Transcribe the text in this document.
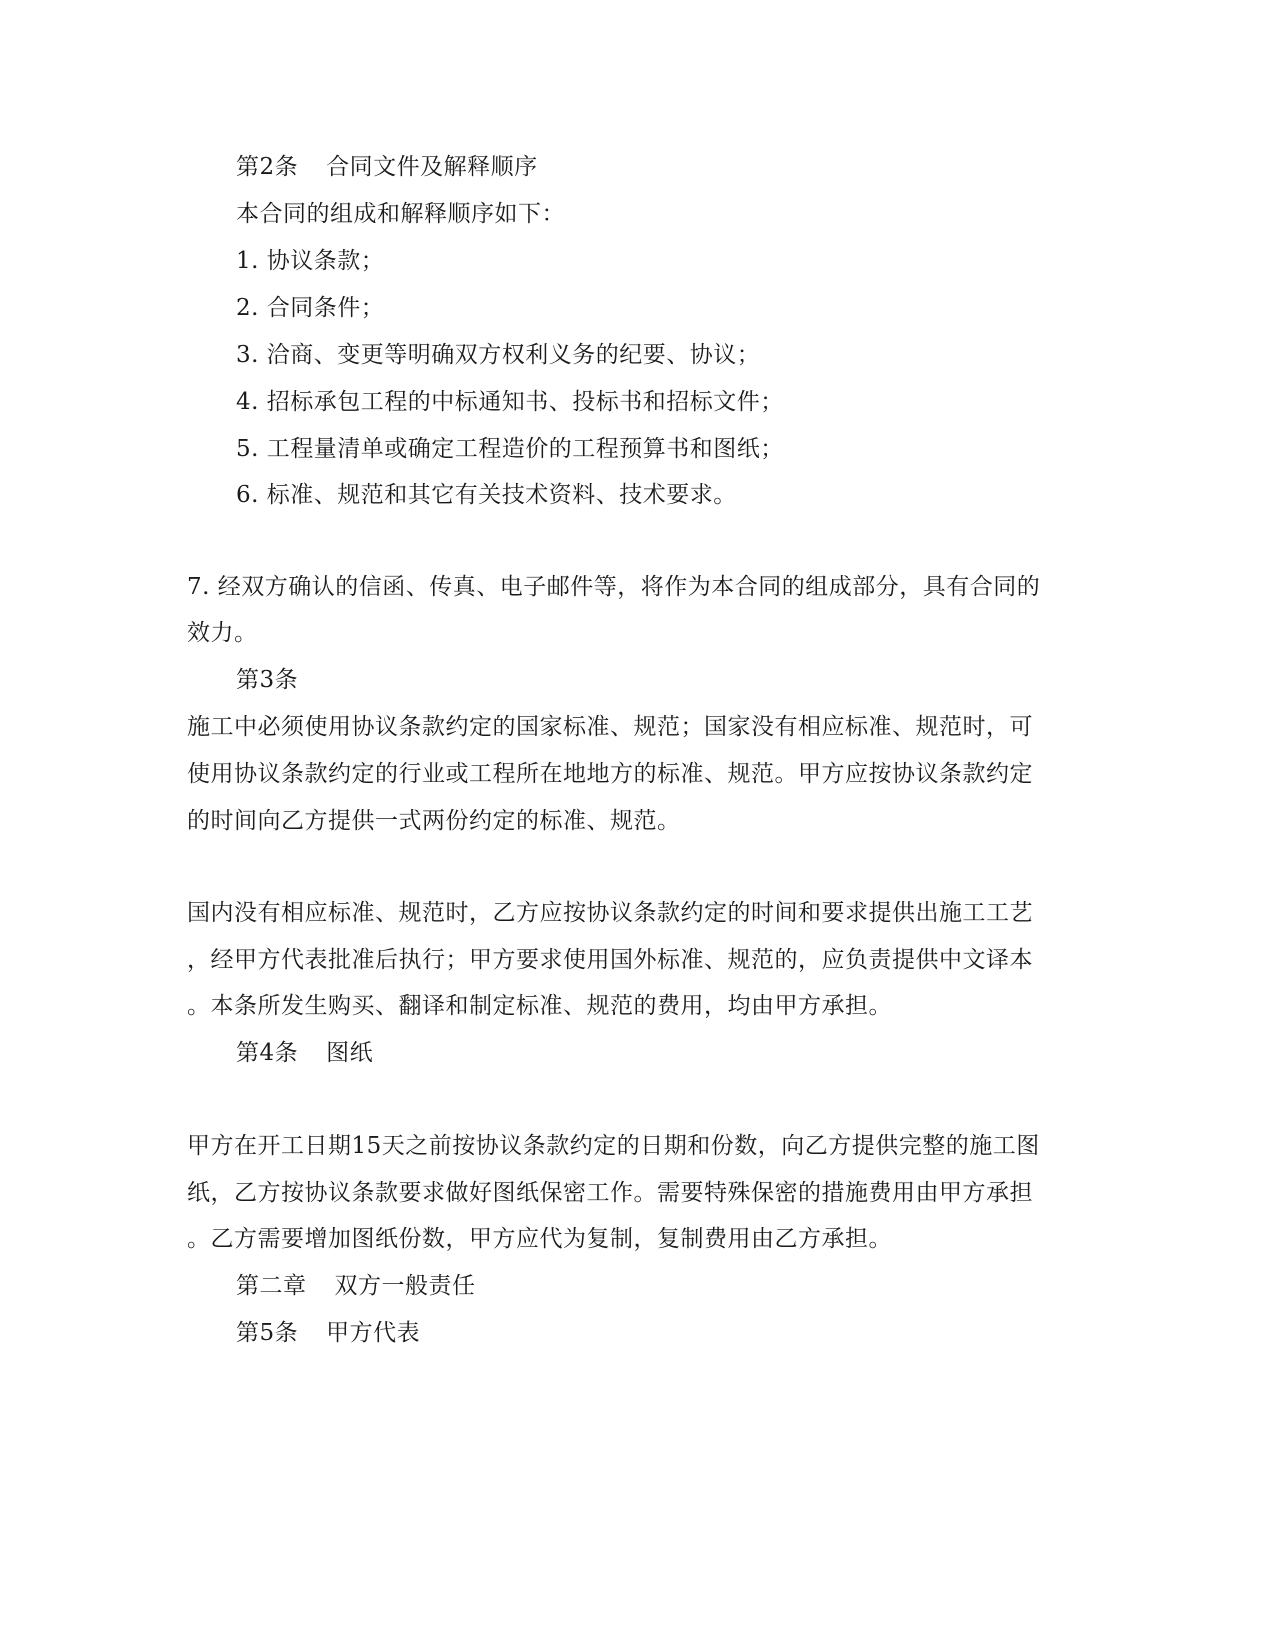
第2条 合同文件及解释顺序
本合同的组成和解释顺序如下：
1. 协议条款；
2. 合同条件；
3. 洽商、变更等明确双方权利义务的纪要、协议；
4. 招标承包工程的中标通知书、投标书和招标文件；
5. 工程量清单或确定工程造价的工程预算书和图纸；
6. 标准、规范和其它有关技术资料、技术要求。
7. 经双方确认的信函、传真、电子邮件等，将作为本合同的组成部分，具有合同的
效力。
第3条
施工中必须使用协议条款约定的国家标准、规范；国家没有相应标准、规范时，可
使用协议条款约定的行业或工程所在地地方的标准、规范。甲方应按协议条款约定
的时间向乙方提供一式两份约定的标准、规范。
国内没有相应标准、规范时，乙方应按协议条款约定的时间和要求提供出施工工艺
，经甲方代表批准后执行；甲方要求使用国外标准、规范的，应负责提供中文译本
。本条所发生购买、翻译和制定标准、规范的费用，均由甲方承担。
第4条 图纸
甲方在开工日期15天之前按协议条款约定的日期和份数，向乙方提供完整的施工图
纸，乙方按协议条款要求做好图纸保密工作。需要特殊保密的措施费用由甲方承担
。乙方需要增加图纸份数，甲方应代为复制，复制费用由乙方承担。
第二章 双方一般责任
第5条 甲方代表
